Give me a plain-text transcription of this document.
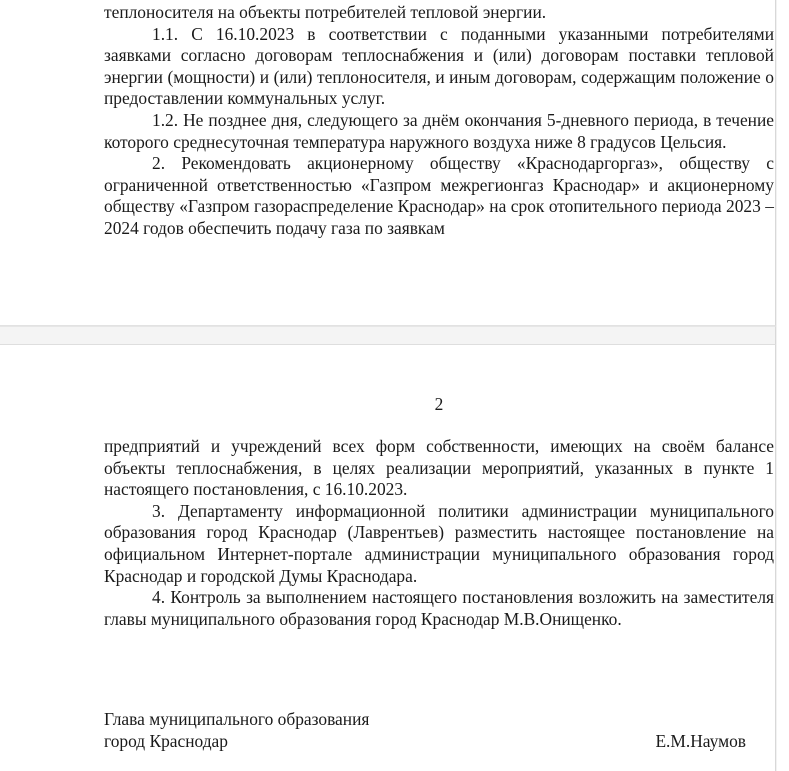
теплоносителя на объекты потребителей тепловой энергии.

1.1. С 16.10.2023 в соответствии с поданными указанными потребителями заявками согласно договорам теплоснабжения и (или) договорам поставки тепловой энергии (мощности) и (или) теплоносителя, и иным договорам, содержащим положение о предоставлении коммунальных услуг.

1.2. Не позднее дня, следующего за днём окончания 5-дневного периода, в течение которого среднесуточная температура наружного воздуха ниже 8 градусов Цельсия.

2. Рекомендовать акционерному обществу «Краснодаргоргаз», обществу с ограниченной ответственностью «Газпром межрегионгаз Краснодар» и акционерному обществу «Газпром газораспределение Краснодар» на срок отопительного периода 2023 – 2024 годов обеспечить подачу газа по заявкам

2

предприятий и учреждений всех форм собственности, имеющих на своём балансе объекты теплоснабжения, в целях реализации мероприятий, указанных в пункте 1 настоящего постановления, с 16.10.2023.

3. Департаменту информационной политики администрации муниципального образования город Краснодар (Лаврентьев) разместить настоящее постановление на официальном Интернет-портале администрации муниципального образования город Краснодар и городской Думы Краснодара.

4. Контроль за выполнением настоящего постановления возложить на заместителя главы муниципального образования город Краснодар М.В.Онищенко.

Глава муниципального образования
город Краснодар	Е.М.Наумов
